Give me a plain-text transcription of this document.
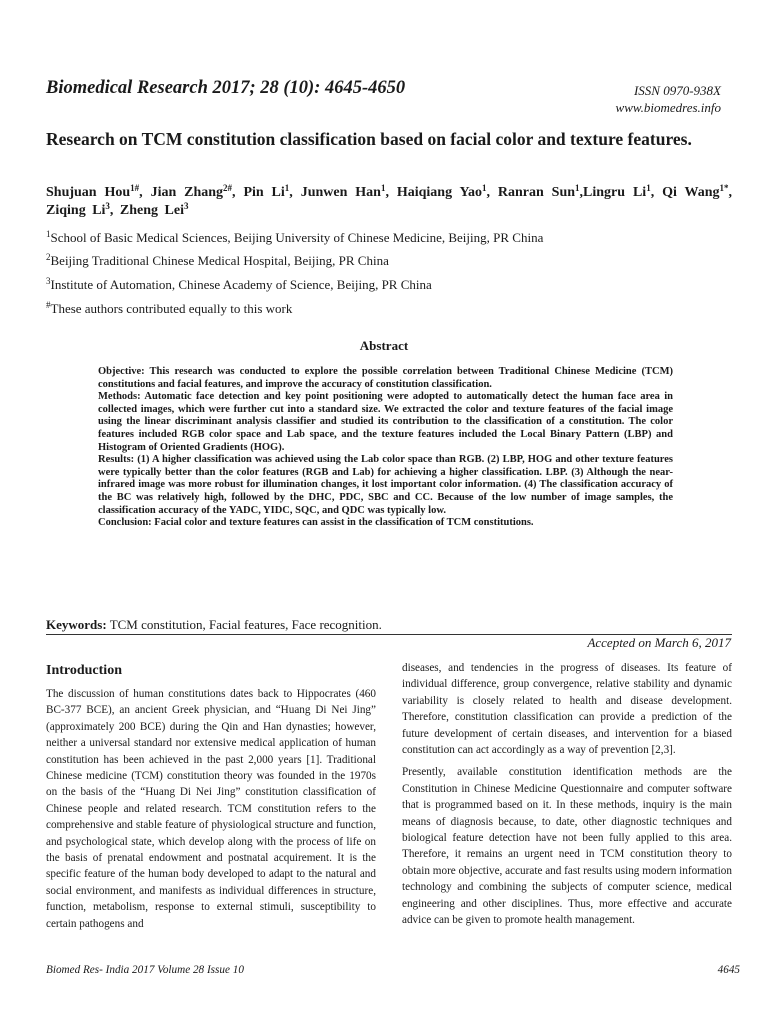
Biomedical Research 2017; 28 (10): 4645-4650	ISSN 0970-938X
www.biomedres.info
Research on TCM constitution classification based on facial color and texture features.
Shujuan Hou$^{1\#}$, Jian Zhang$^{2\#}$, Pin Li$^1$, Junwen Han$^1$, Haiqiang Yao$^1$, Ranran Sun$^1$,Lingru Li$^1$, Qi Wang$^{1*}$, Ziqing Li$^3$, Zheng Lei$^3$
$^1$School of Basic Medical Sciences, Beijing University of Chinese Medicine, Beijing, PR China
$^2$Beijing Traditional Chinese Medical Hospital, Beijing, PR China
$^3$Institute of Automation, Chinese Academy of Science, Beijing, PR China
#These authors contributed equally to this work
Abstract

Objective: This research was conducted to explore the possible correlation between Traditional Chinese Medicine (TCM) constitutions and facial features, and improve the accuracy of constitution classification.

Methods: Automatic face detection and key point positioning were adopted to automatically detect the human face area in collected images, which were further cut into a standard size. We extracted the color and texture features of the facial image using the linear discriminant analysis classifier and studied its contribution to the classification of a constitution. The color features included RGB color space and Lab space, and the texture features included the Local Binary Pattern (LBP) and Histogram of Oriented Gradients (HOG).

Results: (1) A higher classification was achieved using the Lab color space than RGB. (2) LBP, HOG and other texture features were typically better than the color features (RGB and Lab) for achieving a higher classification. LBP. (3) Although the near-infrared image was more robust for illumination changes, it lost important color information. (4) The classification accuracy of the BC was relatively high, followed by the DHC, PDC, SBC and CC. Because of the low number of image samples, the classification accuracy of the YADC, YIDC, SQC, and QDC was typically low.

Conclusion: Facial color and texture features can assist in the classification of TCM constitutions.

Keywords: TCM constitution, Facial features, Face recognition.
Accepted on March 6, 2017
Introduction

The discussion of human constitutions dates back to Hippocrates (460 BC-377 BCE), an ancient Greek physician, and “Huang Di Nei Jing” (approximately 200 BCE) during the Qin and Han dynasties; however, neither a universal standard nor extensive medical application of human constitution has been achieved in the past 2,000 years [1]. Traditional Chinese medicine (TCM) constitution theory was founded in the 1970s on the basis of the “Huang Di Nei Jing” constitution classification of Chinese people and related research. TCM constitution refers to the comprehensive and stable feature of physiological structure and function, and psychological state, which develop along with the process of life on the basis of prenatal endowment and postnatal acquirement. It is the specific feature of the human body developed to adapt to the natural and social environment, and manifests as individual differences in structure, function, metabolism, response to external stimuli, susceptibility to certain pathogens and

diseases, and tendencies in the progress of diseases. Its feature of individual difference, group convergence, relative stability and dynamic variability is closely related to health and disease development. Therefore, constitution classification can provide a prediction of the future development of certain diseases, and intervention for a biased constitution can act accordingly as a way of prevention [2,3].

Presently, available constitution identification methods are the Constitution in Chinese Medicine Questionnaire and computer software that is programmed based on it. In these methods, inquiry is the main means of diagnosis because, to date, other diagnostic techniques and biological feature detection have not been fully applied to this area. Therefore, it remains an urgent need in TCM constitution theory to obtain more objective, accurate and fast results using modern information technology and combining the subjects of computer science, medical engineering and other disciplines. Thus, more effective and accurate advice can be given to promote health management.

Biomed Res- India 2017 Volume 28 Issue 10	4645
